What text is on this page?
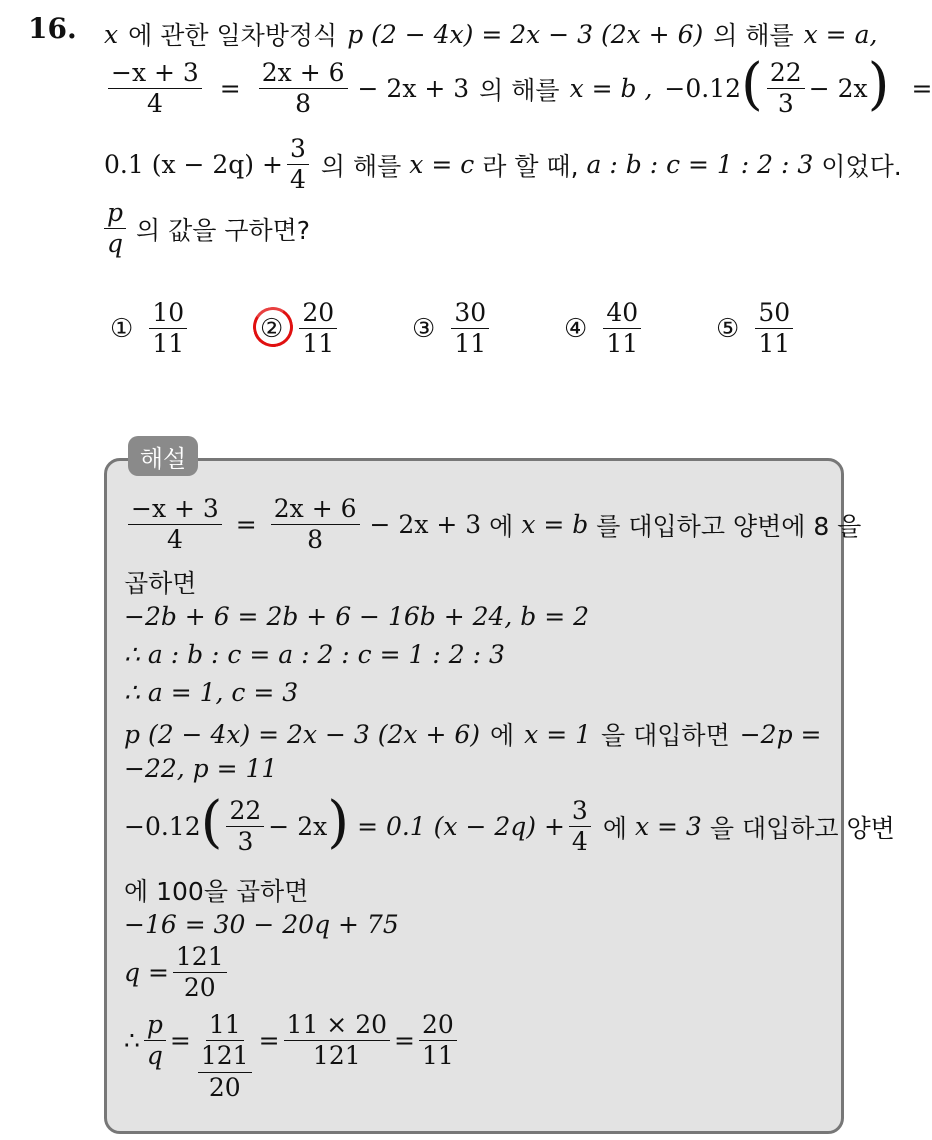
16. x 에 관한 일차방정식 p (2 − 4x) = 2x − 3 (2x + 6) 의 해를 x = a,
$\frac{-x + 3}{4} = \frac{2x + 6}{8} - 2x + 3$ 의 해를 x = b , −0.12 ( $\frac{22}{3} - 2x$ ) =
0.1 $(x - 2q) + \frac{3}{4}$ 의 해를 x = c 라 할 때, a : b : c = 1 : 2 : 3 이었다.
$\frac{p}{q}$ 의 값을 구하면?
① $\frac{10}{11}$	② $\frac{20}{11}$	③ $\frac{30}{11}$	④ $\frac{40}{11}$	⑤ $\frac{50}{11}$
해설
$\frac{-x + 3}{4} = \frac{2x + 6}{8} - 2x + 3$ 에 x = b 를 대입하고 양변에 8 을
곱하면
−2b + 6 = 2b + 6 − 16b + 24, b = 2
∴ a : b : c = a : 2 : c = 1 : 2 : 3
∴ a = 1, c = 3
p (2 − 4x) = 2x − 3 (2x + 6) 에 x = 1 을 대입하면 −2p =
−22, p = 11
−0.12 ( $\frac{22}{3} - 2x$ ) = 0.1 $(x - 2q) + \frac{3}{4}$ 에 x = 3 을 대입하고 양변
에 100을 곱하면
−16 = 30 − 20q + 75
$q = \frac{121}{20}$
∴ $\frac{p}{q} = \frac{11}{\frac{121}{20}} = \frac{11 \times 20}{121} = \frac{20}{11}$
